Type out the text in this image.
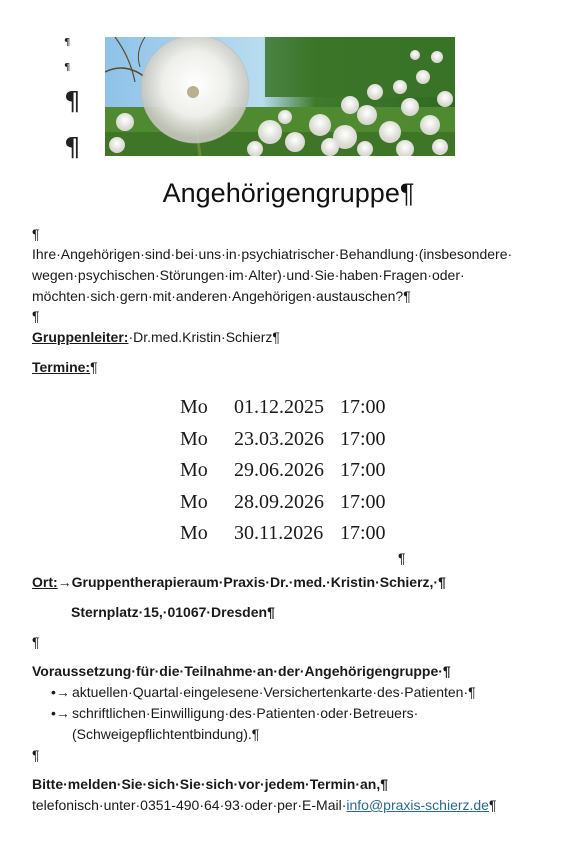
¶
¶
¶
¶
Angehörigengruppe¶
¶
Ihre·Angehörigen·sind·bei·uns·in·psychiatrischer·Behandlung·(insbesondere·
wegen·psychischen·Störungen·im·Alter)·und·Sie·haben·Fragen·oder·
möchten·sich·gern·mit·anderen·Angehörigen·austauschen?¶
¶
Gruppenleiter:·Dr.med.Kristin·Schierz¶
Termine:¶
Mo 01.12.2025 17:00
Mo 23.03.2026 17:00
Mo 29.06.2026 17:00
Mo 28.09.2026 17:00
Mo 30.11.2026 17:00
¶
Ort:→Gruppentherapieraum·Praxis·Dr.·med.·Kristin·Schierz,·¶
Sternplatz·15,·01067·Dresden¶
¶
Voraussetzung·für·die·Teilnahme·an·der·Angehörigengruppe·¶
•→ aktuellen·Quartal·eingelesene·Versichertenkarte·des·Patienten·¶
•→ schriftlichen·Einwilligung·des·Patienten·oder·Betreuers·
(Schweigepflichtentbindung).¶
¶
Bitte·melden·Sie·sich·Sie·sich·vor·jedem·Termin·an,¶
telefonisch·unter·0351-490·64·93·oder·per·E-Mail·info@praxis-schierz.de¶
